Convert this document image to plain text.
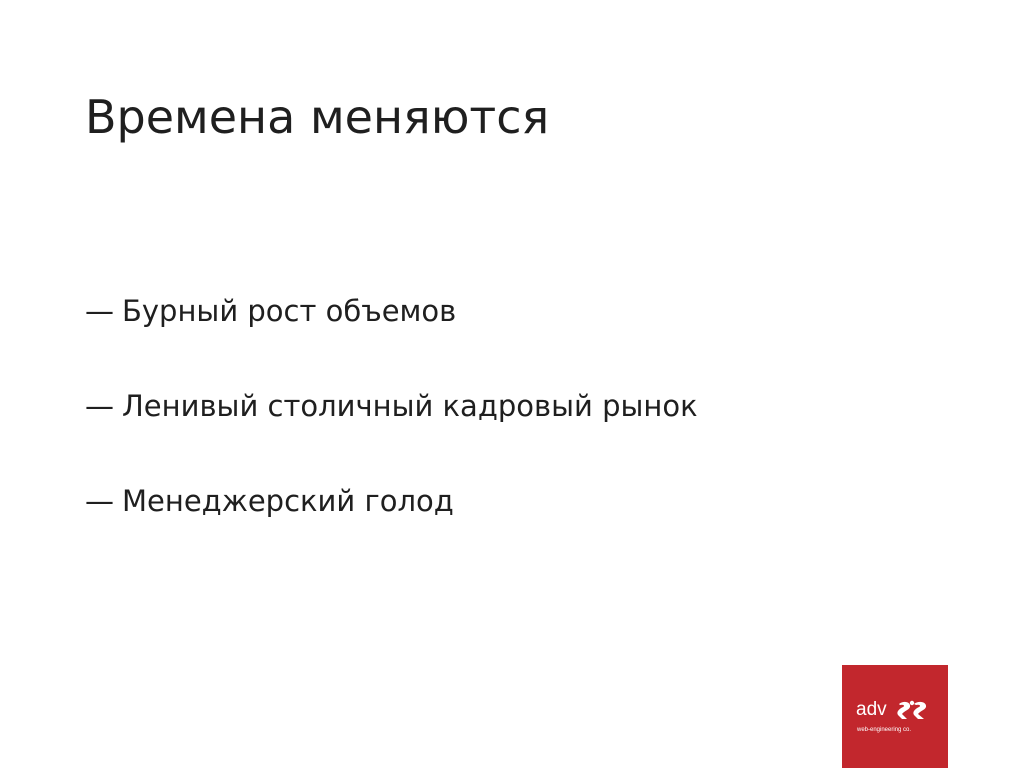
Времена меняются
— Бурный рост объемов
— Ленивый столичный кадровый рынок
— Менеджерский голод
adv
web-engineering co.
